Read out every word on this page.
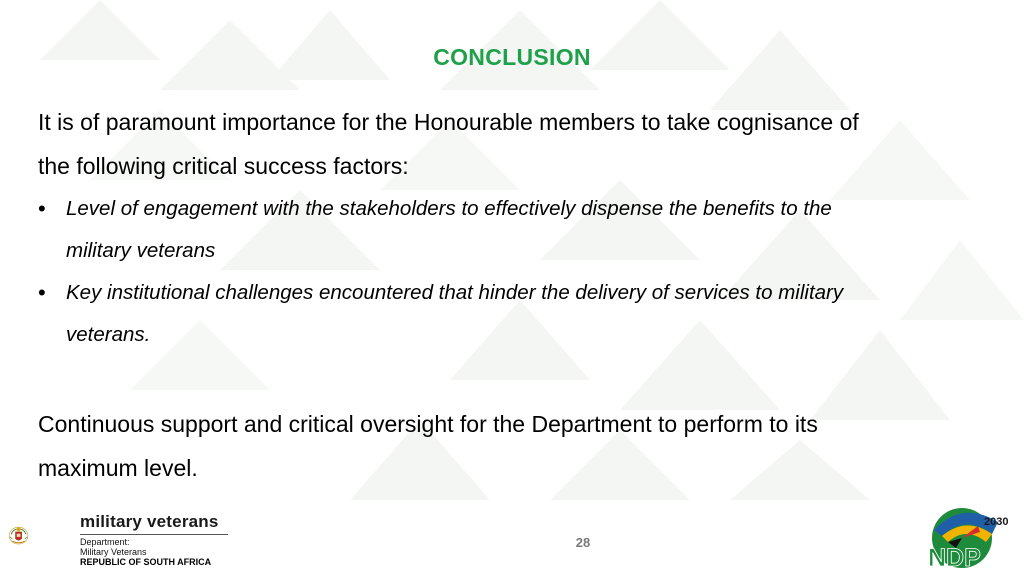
CONCLUSION

It is of paramount importance for the Honourable members to take cognisance of

the following critical success factors:

• Level of engagement with the stakeholders to effectively dispense the benefits to the
military veterans
• Key institutional challenges encountered that hinder the delivery of services to military
veterans.

Continuous support and critical oversight for the Department to perform to its

maximum level.

military veterans
Department:
Military Veterans
REPUBLIC OF SOUTH AFRICA
28
2030
NDP
